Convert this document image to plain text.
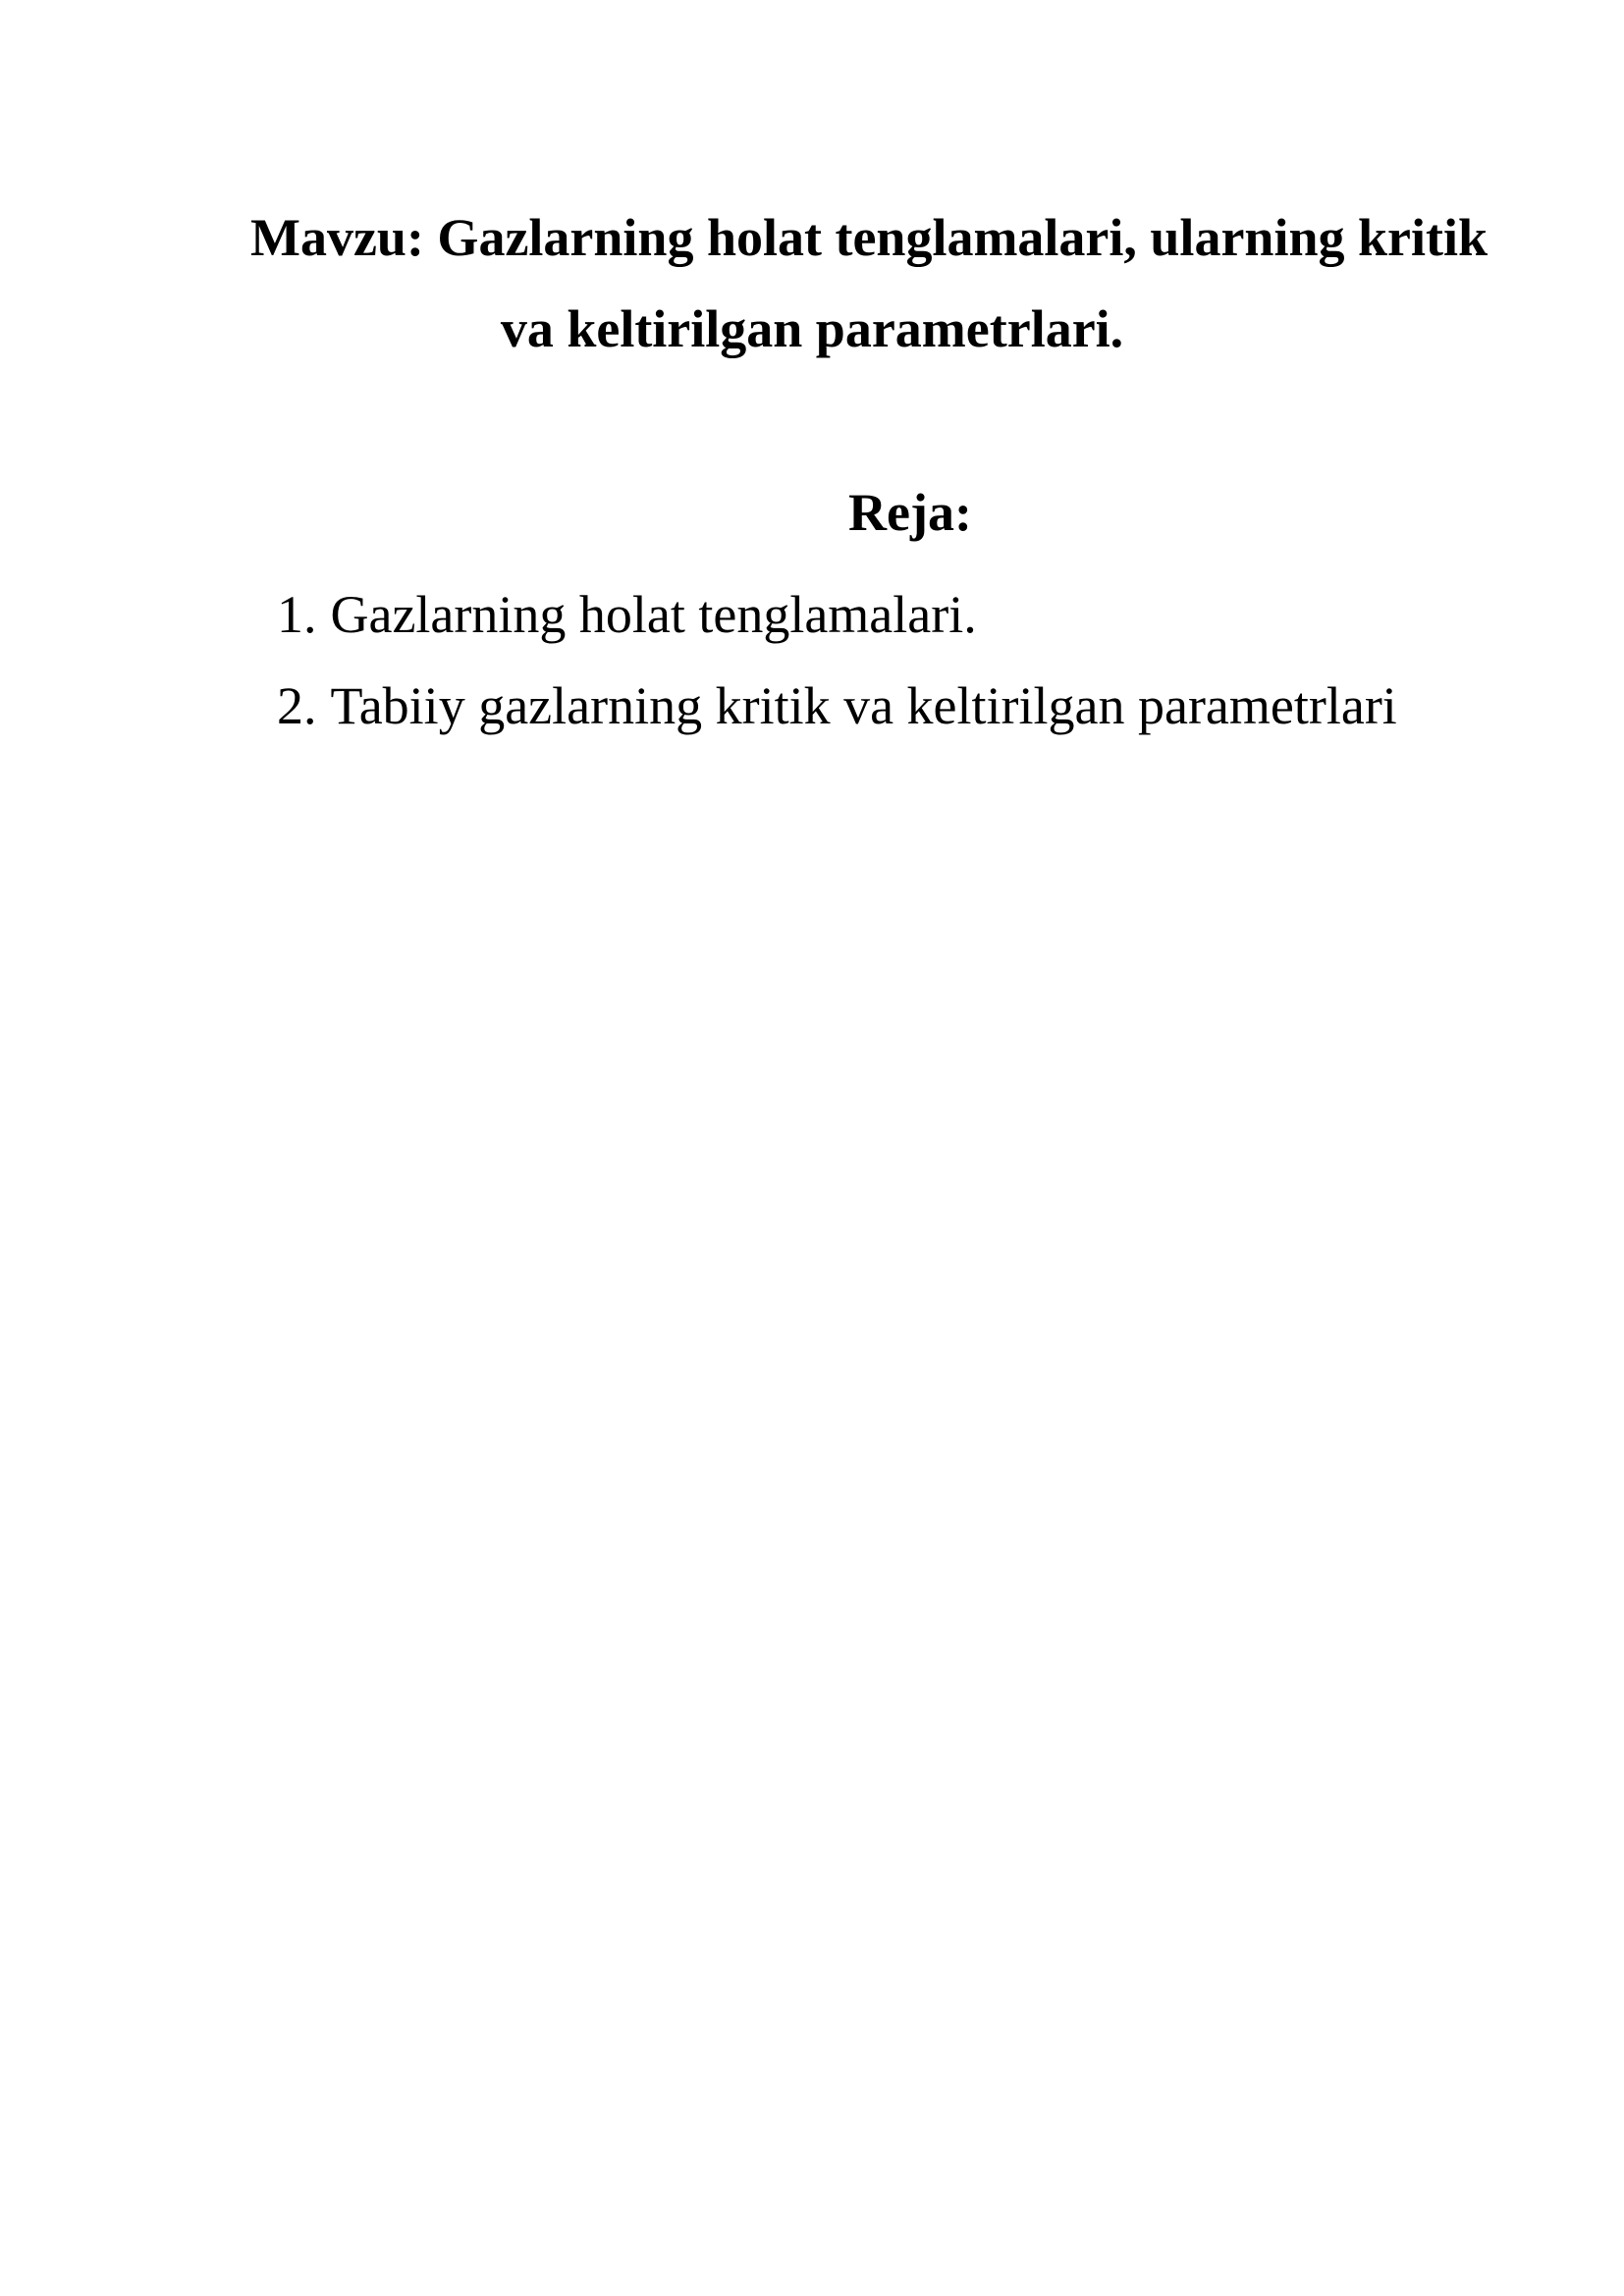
Mavzu: Gazlarning holat tenglamalari, ularning kritik
va keltirilgan parametrlari.
Reja:
1. Gazlarning holat tenglamalari.
2. Tabiiy gazlarning kritik va keltirilgan parametrlari
